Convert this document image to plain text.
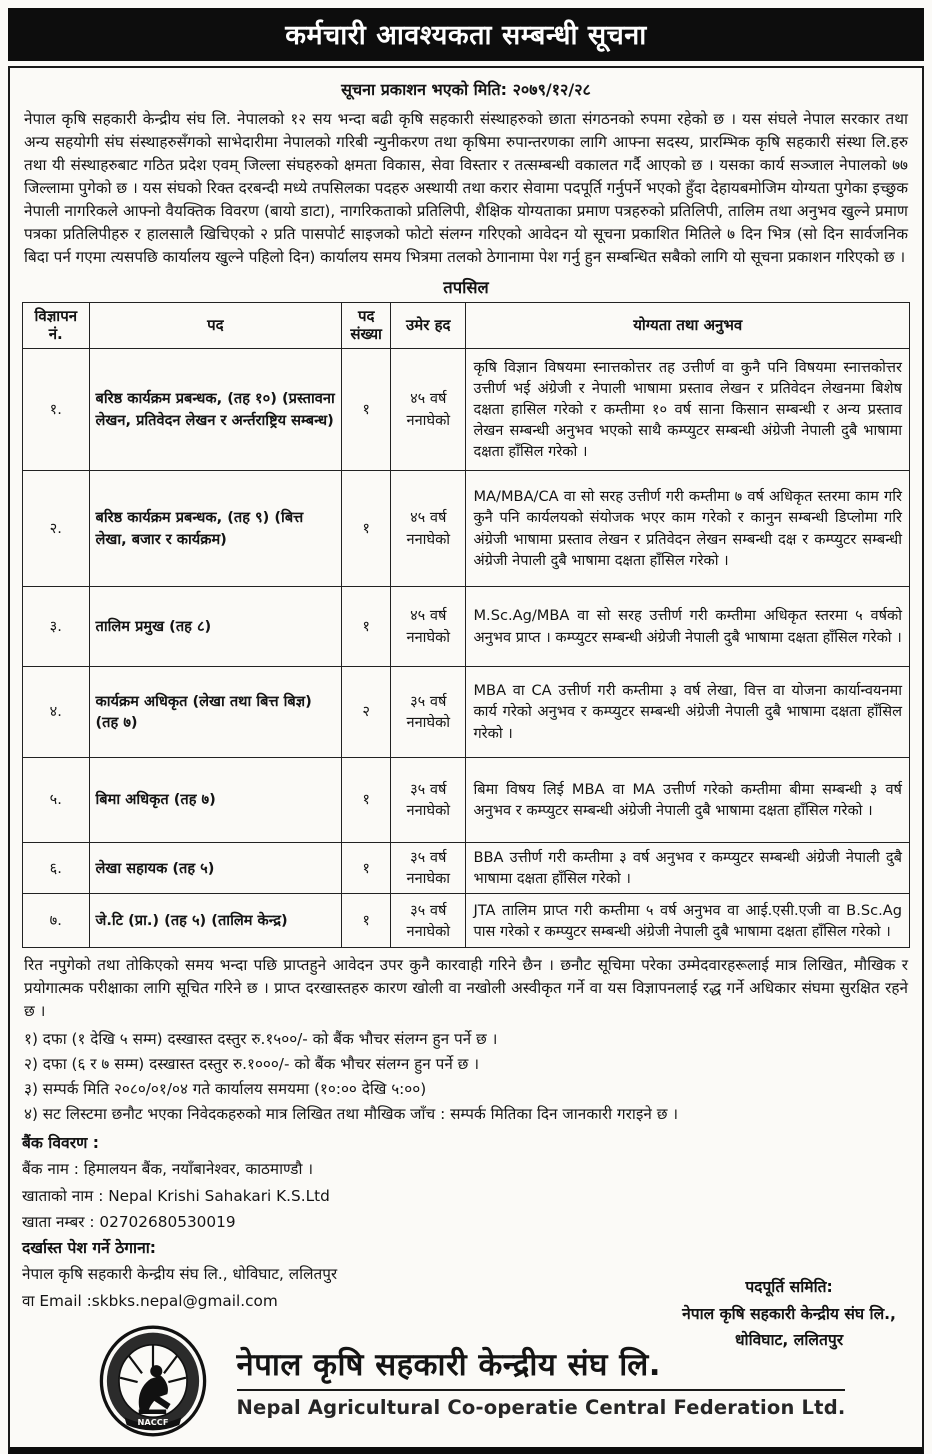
कर्मचारी आवश्यकता सम्बन्धी सूचना
सूचना प्रकाशन भएको मिति: २०७९/१२/२८

नेपाल कृषि सहकारी केन्द्रीय संघ लि. नेपालको १२ सय भन्दा बढी कृषि सहकारी संस्थाहरुको छाता संगठनको रुपमा रहेको छ । यस संघले नेपाल सरकार तथा अन्य सहयोगी संघ संस्थाहरुसँगको साभेदारीमा नेपालको गरिबी न्युनीकरण तथा कृषिमा रुपान्तरणका लागि आफ्ना सदस्य, प्रारम्भिक कृषि सहकारी संस्था लि.हरु तथा यी संस्थाहरुबाट गठित प्रदेश एवम् जिल्ला संघहरुको क्षमता विकास, सेवा विस्तार र तत्सम्बन्धी वकालत गर्दै आएको छ । यसका कार्य सञ्जाल नेपालको ७७ जिल्लामा पुगेको छ । यस संघको रिक्त दरबन्दी मध्ये तपसिलका पदहरु अस्थायी तथा करार सेवामा पदपूर्ति गर्नुपर्ने भएको हुँदा देहायबमोजिम योग्यता पुगेका इच्छुक नेपाली नागरिकले आफ्नो वैयक्तिक विवरण (बायो डाटा), नागरिकताको प्रतिलिपी, शैक्षिक योग्यताका प्रमाण पत्रहरुको प्रतिलिपी, तालिम तथा अनुभव खुल्ने प्रमाण पत्रका प्रतिलिपीहरु र हालसालै खिचिएको २ प्रति पासपोर्ट साइजको फोटो संलग्न गरिएको आवेदन यो सूचना प्रकाशित मितिले ७ दिन भित्र (सो दिन सार्वजनिक बिदा पर्न गएमा त्यसपछि कार्यालय खुल्ने पहिलो दिन) कार्यालय समय भित्रमा तलको ठेगानामा पेश गर्नु हुन सम्बन्धित सबैको लागि यो सूचना प्रकाशन गरिएको छ ।

तपसिल
विज्ञापन नं.	पद	पद संख्या	उमेर हद	योग्यता तथा अनुभव
१.	बरिष्ठ कार्यक्रम प्रबन्धक, (तह १०) (प्रस्तावना लेखन, प्रतिवेदन लेखन र अर्न्तराष्ट्रिय सम्बन्ध)	१	४५ वर्ष ननाघेको	कृषि विज्ञान विषयमा स्नात्तकोत्तर तह उत्तीर्ण वा कुनै पनि विषयमा स्नात्तकोत्तर उत्तीर्ण भई अंग्रेजी र नेपाली भाषामा प्रस्ताव लेखन र प्रतिवेदन लेखनमा बिशेष दक्षता हासिल गरेको र कम्तीमा १० वर्ष साना किसान सम्बन्धी र अन्य प्रस्ताव लेखन सम्बन्धी अनुभव भएको साथै कम्प्युटर सम्बन्धी अंग्रेजी नेपाली दुबै भाषामा दक्षता हाँसिल गरेको ।
२.	बरिष्ठ कार्यक्रम प्रबन्धक, (तह ९) (बित्त लेखा, बजार र कार्यक्रम)	१	४५ वर्ष ननाघेको	MA/MBA/CA वा सो सरह उत्तीर्ण गरी कम्तीमा ७ वर्ष अधिकृत स्तरमा काम गरि कुनै पनि कार्यलयको संयोजक भएर काम गरेको र कानुन सम्बन्धी डिप्लोमा गरि अंग्रेजी भाषामा प्रस्ताव लेखन र प्रतिवेदन लेखन सम्बन्धी दक्ष र कम्प्युटर सम्बन्धी अंग्रेजी नेपाली दुबै भाषामा दक्षता हाँसिल गरेको ।
३.	तालिम प्रमुख (तह ८)	१	४५ वर्ष ननाघेको	M.Sc.Ag/MBA वा सो सरह उत्तीर्ण गरी कम्तीमा अधिकृत स्तरमा ५ वर्षको अनुभव प्राप्त । कम्प्युटर सम्बन्धी अंग्रेजी नेपाली दुबै भाषामा दक्षता हाँसिल गरेको ।
४.	कार्यक्रम अधिकृत (लेखा तथा बित्त बिज्ञ) (तह ७)	२	३५ वर्ष ननाघेको	MBA वा CA उत्तीर्ण गरी कम्तीमा ३ वर्ष लेखा, वित्त वा योजना कार्यान्वयनमा कार्य गरेको अनुभव र कम्प्युटर सम्बन्धी अंग्रेजी नेपाली दुबै भाषामा दक्षता हाँसिल गरेको ।
५.	बिमा अधिकृत (तह ७)	१	३५ वर्ष ननाघेको	बिमा विषय लिई MBA वा MA उत्तीर्ण गरेको कम्तीमा बीमा सम्बन्धी ३ वर्ष अनुभव र कम्प्युटर सम्बन्धी अंग्रेजी नेपाली दुबै भाषामा दक्षता हाँसिल गरेको ।
६.	लेखा सहायक (तह ५)	१	३५ वर्ष ननाघेका	BBA उत्तीर्ण गरी कम्तीमा ३ वर्ष अनुभव र कम्प्युटर सम्बन्धी अंग्रेजी नेपाली दुबै भाषामा दक्षता हाँसिल गरेको ।
७.	जे.टि (प्रा.) (तह ५) (तालिम केन्द्र)	१	३५ वर्ष ननाघेको	JTA तालिम प्राप्त गरी कम्तीमा ५ वर्ष अनुभव वा आई.एसी.एजी वा B.Sc.Ag पास गरेको र कम्प्युटर सम्बन्धी अंग्रेजी नेपाली दुबै भाषामा दक्षता हाँसिल गरेको ।

रित नपुगेको तथा तोकिएको समय भन्दा पछि प्राप्तहुने आवेदन उपर कुनै कारवाही गरिने छैन । छनौट सूचिमा परेका उम्मेदवारहरूलाई मात्र लिखित, मौखिक र प्रयोगात्मक परीक्षाका लागि सूचित गरिने छ । प्राप्त दरखास्तहरु कारण खोली वा नखोली अस्वीकृत गर्ने वा यस विज्ञापनलाई रद्ध गर्ने अधिकार संघमा सुरक्षित रहने छ ।

१) दफा (१ देखि ५ सम्म) दस्खास्त दस्तुर रु.१५००/- को बैंक भौचर संलग्न हुन पर्ने छ ।
२) दफा (६ र ७ सम्म) दस्खास्त दस्तुर रु.१०००/- को बैंक भौचर संलग्न हुन पर्ने छ ।
३) सम्पर्क मिति २०८०/०१/०४ गते कार्यालय समयमा (१०:०० देखि ५:००)
४) सट लिस्टमा छनौट भएका निवेदकहरुको मात्र लिखित तथा मौखिक जाँच : सम्पर्क मितिका दिन जानकारी गराइने छ ।
बैंक विवरण :
बैंक नाम : हिमालयन बैंक, नयाँबानेश्वर, काठमाण्डौ ।
खाताको नाम : Nepal Krishi Sahakari K.S.Ltd
खाता नम्बर : 02702680530019
दर्खास्त पेश गर्ने ठेगाना:
नेपाल कृषि सहकारी केन्द्रीय संघ लि., धोविघाट, ललितपुर
वा Email :skbks.nepal@gmail.com
पदपूर्ति समिति:
नेपाल कृषि सहकारी केन्द्रीय संघ लि.,
धोविघाट, ललितपुर
NACCF
नेपाल कृषि सहकारी केन्द्रीय संघ लि.
Nepal Agricultural Co-operatie Central Federation Ltd.
